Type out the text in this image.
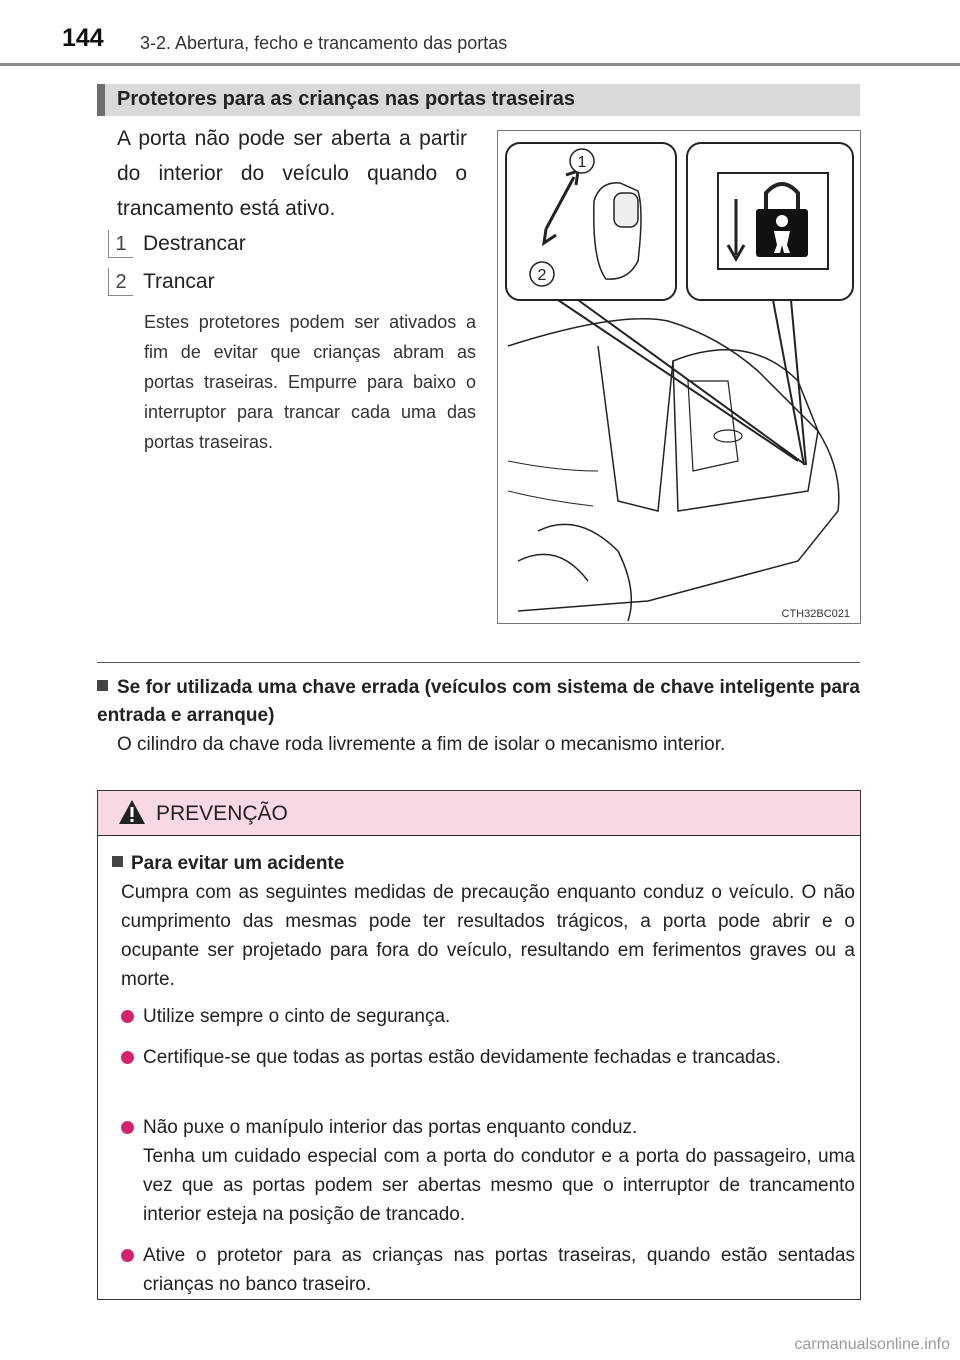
144 3-2. Abertura, fecho e trancamento das portas
Protetores para as crianças nas portas traseiras
A porta não pode ser aberta a partir do interior do veículo quando o trancamento está ativo.
1 Destrancar
2 Trancar
Estes protetores podem ser ativados a fim de evitar que crianças abram as portas traseiras. Empurre para baixo o interruptor para trancar cada uma das portas traseiras.
1
2
CTH32BC021
Se for utilizada uma chave errada (veículos com sistema de chave inteligente para entrada e arranque)
O cilindro da chave roda livremente a fim de isolar o mecanismo interior.
PREVENÇÃO
Para evitar um acidente
Cumpra com as seguintes medidas de precaução enquanto conduz o veículo. O não cumprimento das mesmas pode ter resultados trágicos, a porta pode abrir e o ocupante ser projetado para fora do veículo, resultando em ferimentos graves ou a morte.
Utilize sempre o cinto de segurança.
Certifique-se que todas as portas estão devidamente fechadas e trancadas.
Não puxe o manípulo interior das portas enquanto conduz.
Tenha um cuidado especial com a porta do condutor e a porta do passageiro, uma vez que as portas podem ser abertas mesmo que o interruptor de trancamento interior esteja na posição de trancado.
Ative o protetor para as crianças nas portas traseiras, quando estão sentadas crianças no banco traseiro.
carmanualsonline.info
